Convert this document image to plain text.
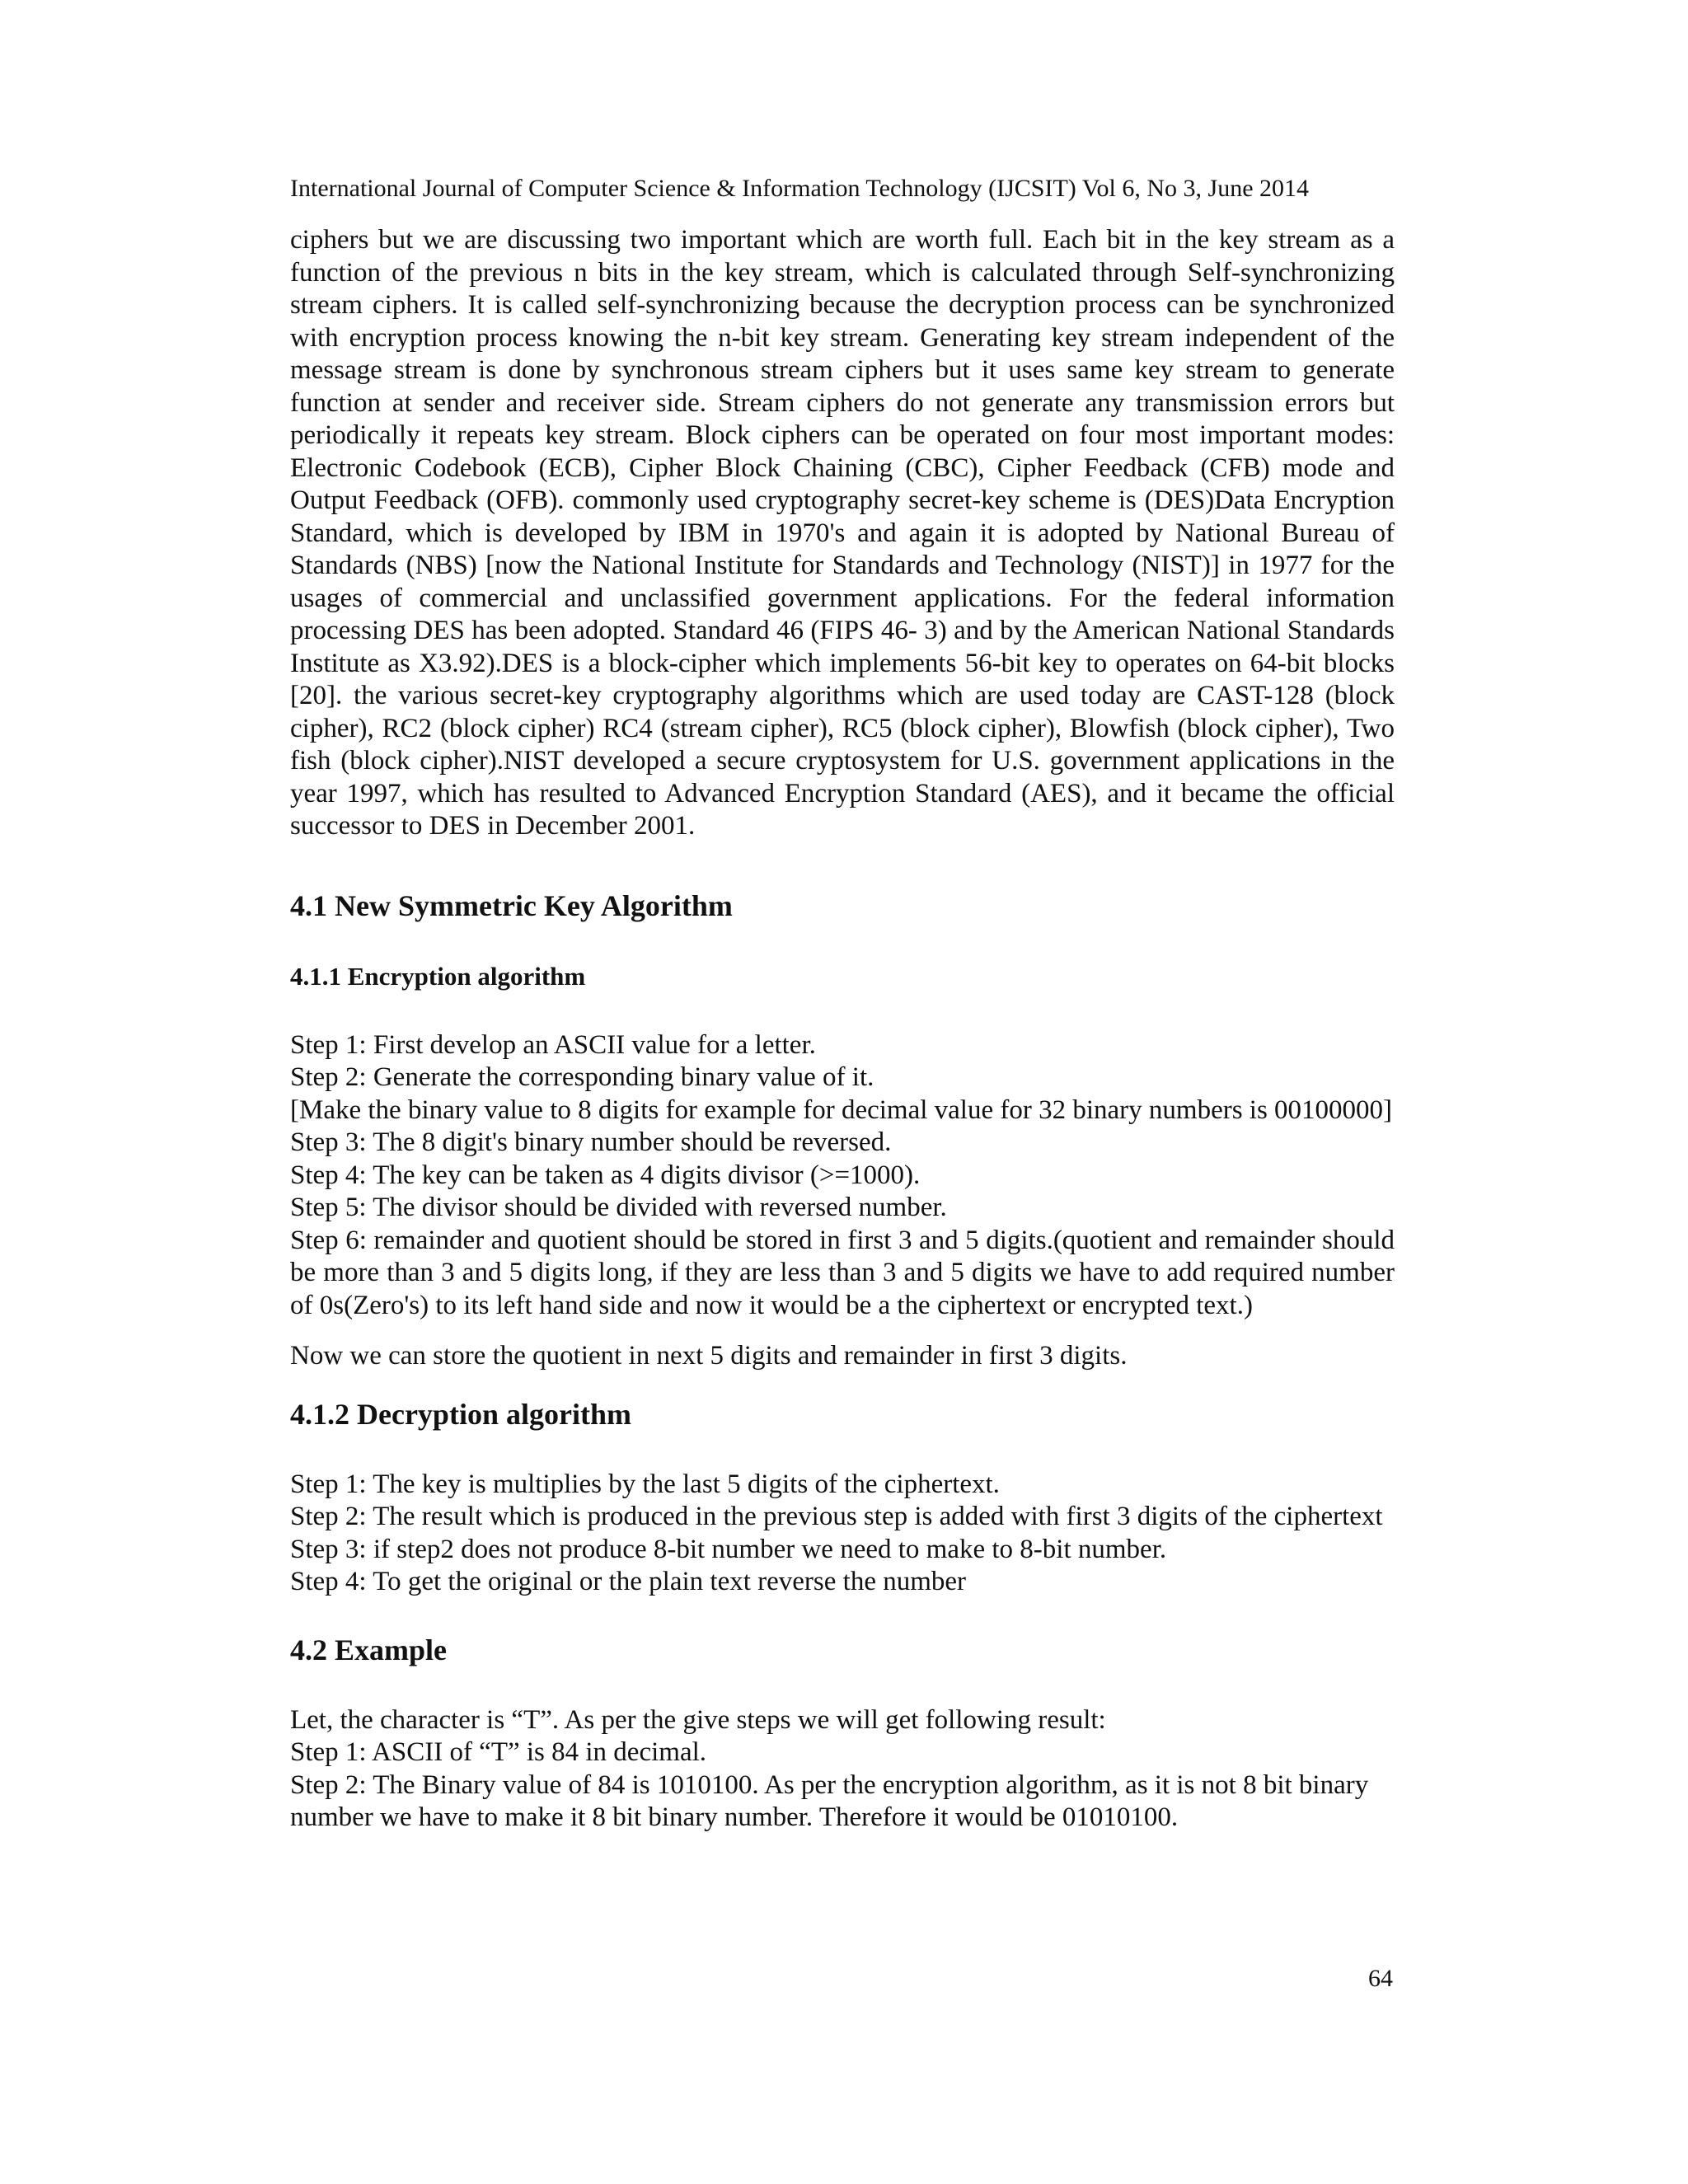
International Journal of Computer Science & Information Technology (IJCSIT) Vol 6, No 3, June 2014

ciphers but we are discussing two important which are worth full. Each bit in the key stream as a function of the previous n bits in the key stream, which is calculated through Self-synchronizing stream ciphers. It is called self-synchronizing because the decryption process can be synchronized with encryption process knowing the n-bit key stream. Generating key stream independent of the message stream is done by synchronous stream ciphers but it uses same key stream to generate function at sender and receiver side. Stream ciphers do not generate any transmission errors but periodically it repeats key stream. Block ciphers can be operated on four most important modes: Electronic Codebook (ECB), Cipher Block Chaining (CBC), Cipher Feedback (CFB) mode and Output Feedback (OFB). commonly used cryptography secret-key scheme is (DES)Data Encryption Standard, which is developed by IBM in 1970's and again it is adopted by National Bureau of Standards (NBS) [now the National Institute for Standards and Technology (NIST)] in 1977 for the usages of commercial and unclassified government applications. For the federal information processing DES has been adopted. Standard 46 (FIPS 46- 3) and by the American National Standards Institute as X3.92).DES is a block-cipher which implements 56-bit key to operates on 64-bit blocks [20]. the various secret-key cryptography algorithms which are used today are CAST-128 (block cipher), RC2 (block cipher) RC4 (stream cipher), RC5 (block cipher), Blowfish (block cipher), Two fish (block cipher).NIST developed a secure cryptosystem for U.S. government applications in the year 1997, which has resulted to Advanced Encryption Standard (AES), and it became the official successor to DES in December 2001.

4.1 New Symmetric Key Algorithm
4.1.1 Encryption algorithm

Step 1: First develop an ASCII value for a letter.

Step 2: Generate the corresponding binary value of it.

[Make the binary value to 8 digits for example for decimal value for 32 binary numbers is 00100000]

Step 3: The 8 digit's binary number should be reversed.

Step 4: The key can be taken as 4 digits divisor (>=1000).

Step 5: The divisor should be divided with reversed number.

Step 6: remainder and quotient should be stored in first 3 and 5 digits.(quotient and remainder should be more than 3 and 5 digits long, if they are less than 3 and 5 digits we have to add required number of 0s(Zero's) to its left hand side and now it would be a the ciphertext or encrypted text.)

Now we can store the quotient in next 5 digits and remainder in first 3 digits.

4.1.2 Decryption algorithm

Step 1: The key is multiplies by the last 5 digits of the ciphertext.

Step 2: The result which is produced in the previous step is added with first 3 digits of the ciphertext

Step 3: if step2 does not produce 8-bit number we need to make to 8-bit number.

Step 4: To get the original or the plain text reverse the number

4.2 Example

Let, the character is “T”. As per the give steps we will get following result:

Step 1: ASCII of “T” is 84 in decimal.

Step 2: The Binary value of 84 is 1010100. As per the encryption algorithm, as it is not 8 bit binary number we have to make it 8 bit binary number. Therefore it would be 01010100.

64
